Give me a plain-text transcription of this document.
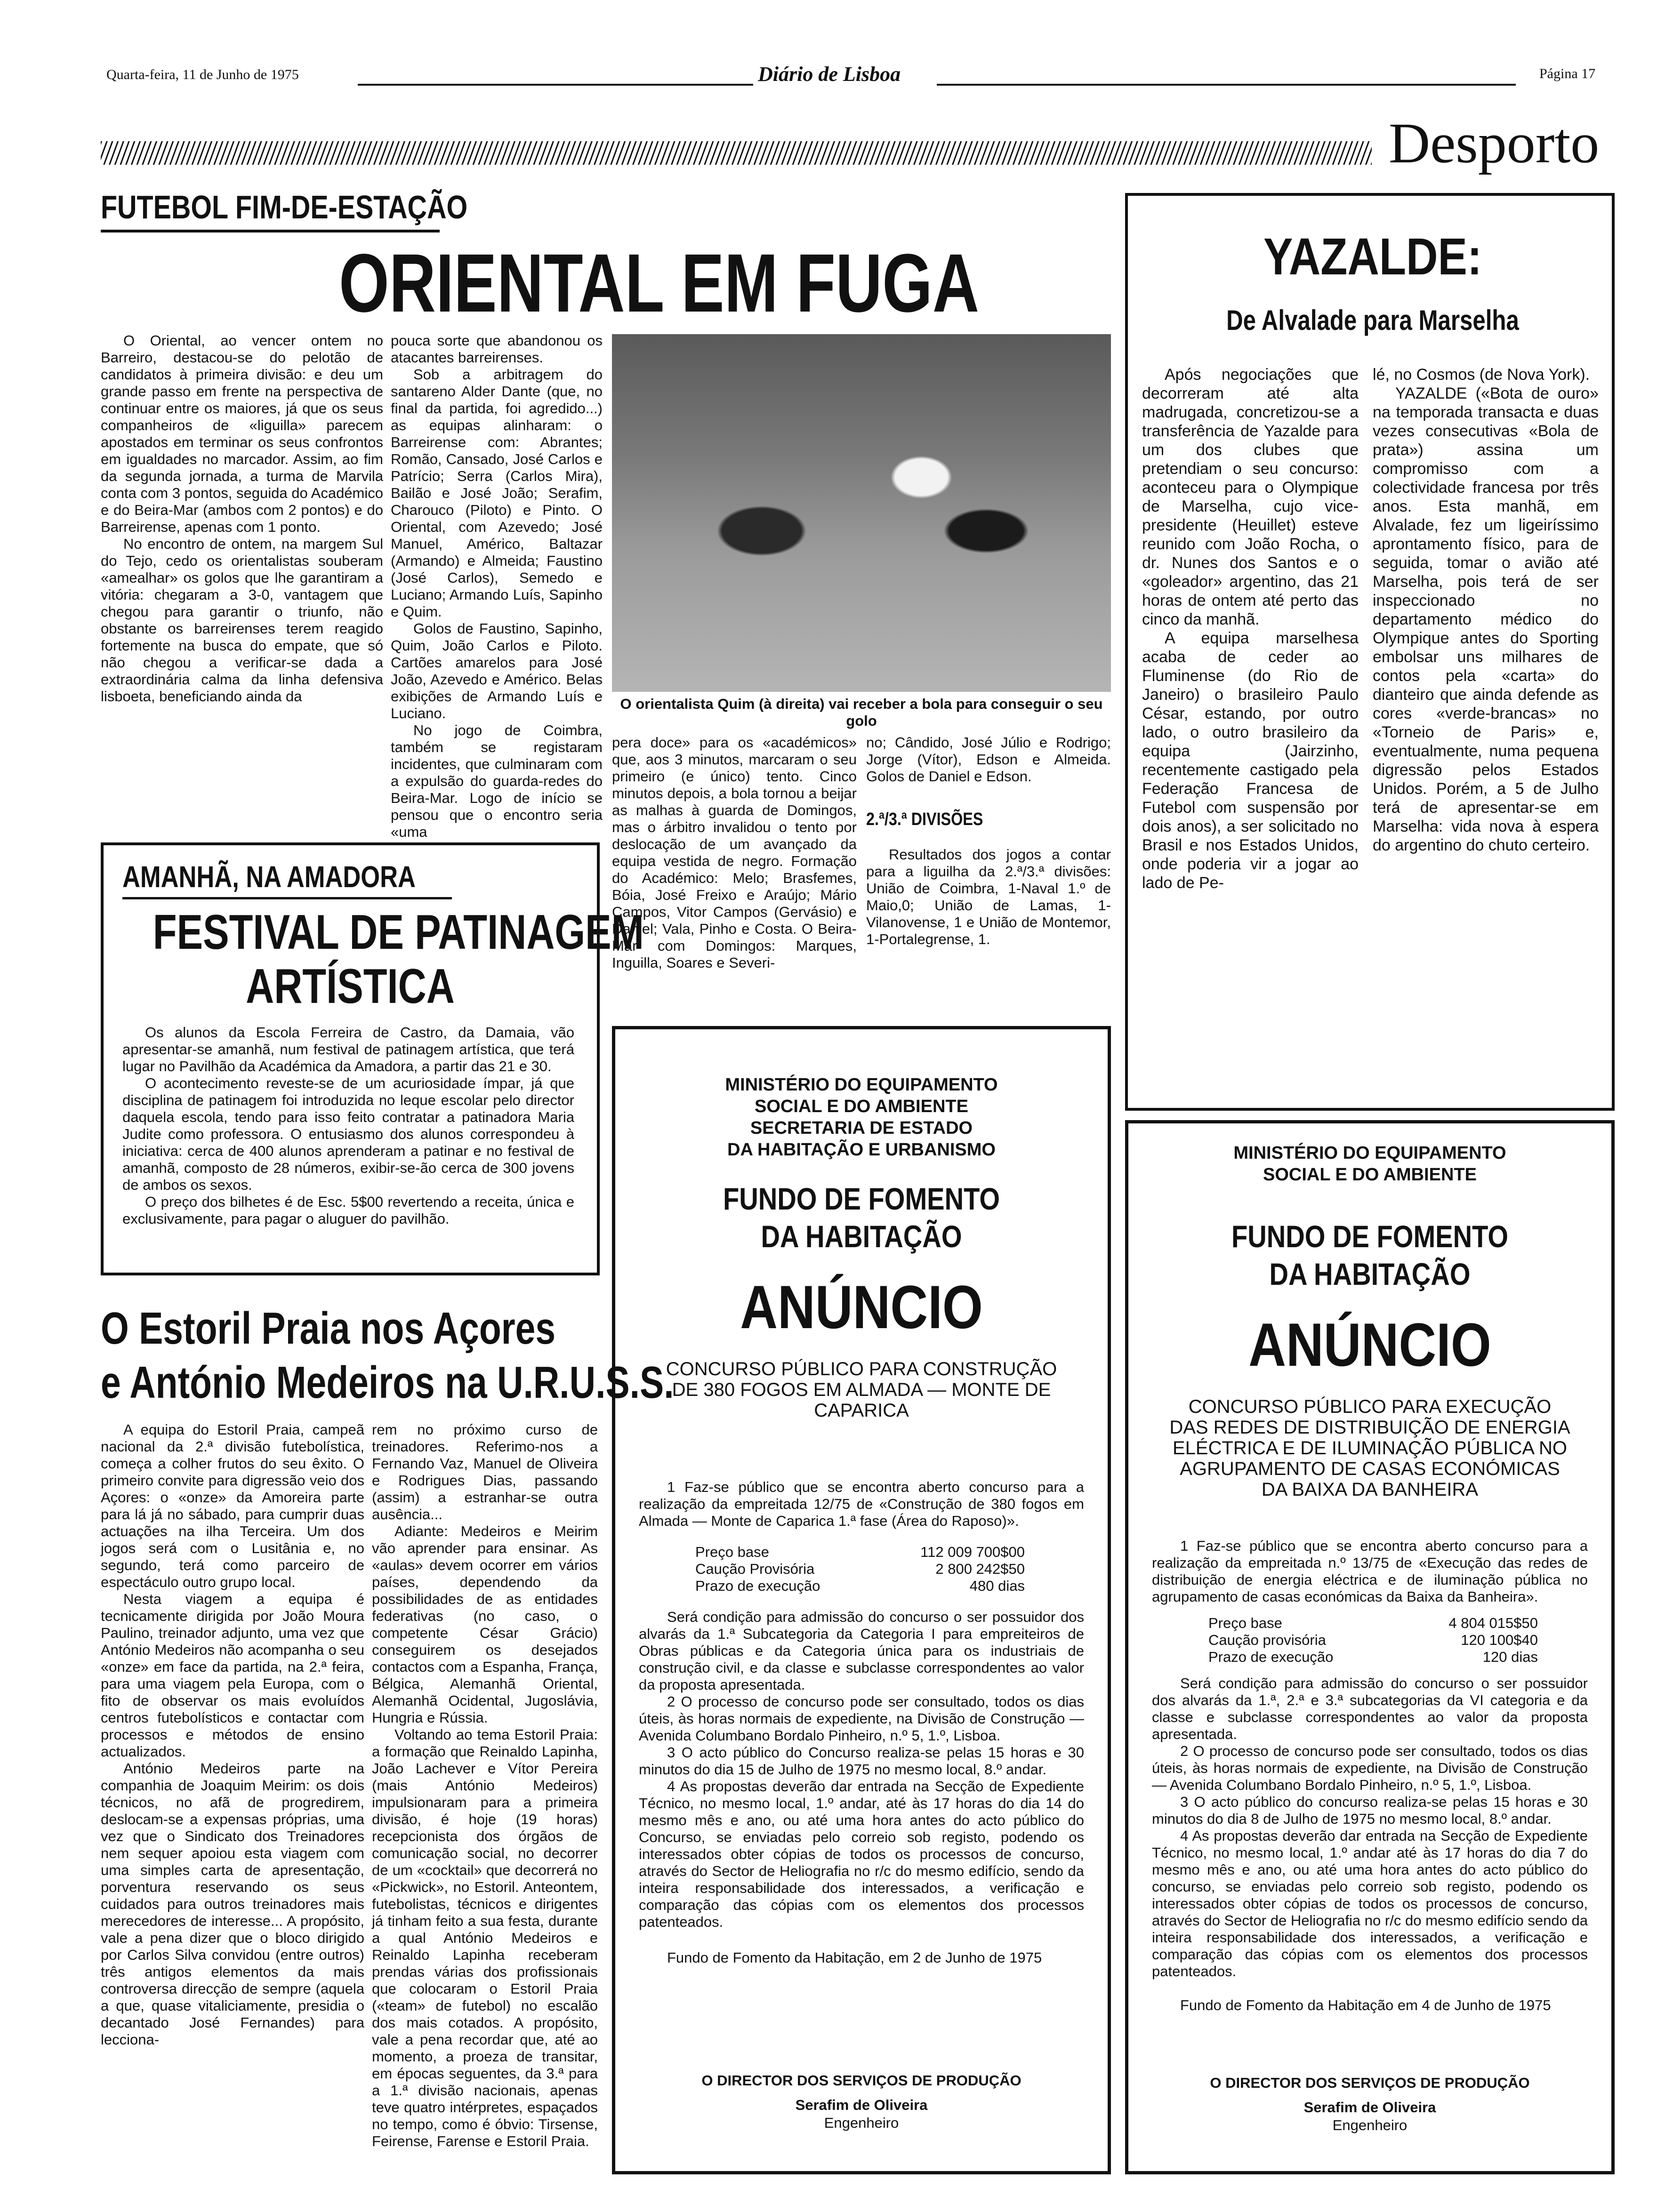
Quarta-feira, 11 de Junho de 1975	Diário de Lisboa	Página 17
Desporto
FUTEBOL FIM-DE-ESTAÇÃO
ORIENTAL EM FUGA

O Oriental, ao vencer ontem no Barreiro, destacou-se do pelotão de candidatos à primeira divisão: e deu um grande passo em frente na perspectiva de continuar entre os maiores, já que os seus companheiros de «liguilla» parecem apostados em terminar os seus confrontos em igualdades no marcador. Assim, ao fim da segunda jornada, a turma de Marvila conta com 3 pontos, seguida do Académico e do Beira-Mar (ambos com 2 pontos) e do Barreirense, apenas com 1 ponto.

No encontro de ontem, na margem Sul do Tejo, cedo os orientalistas souberam «amealhar» os golos que lhe garantiram a vitória: chegaram a 3-0, vantagem que chegou para garantir o triunfo, não obstante os barreirenses terem reagido fortemente na busca do empate, que só não chegou a verificar-se dada a extraordinária calma da linha defensiva lisboeta, beneficiando ainda da

pouca sorte que abandonou os atacantes barreirenses.

Sob a arbitragem do santareno Alder Dante (que, no final da partida, foi agredido...) as equipas alinharam: o Barreirense com: Abrantes; Romão, Cansado, José Carlos e Patrício; Serra (Carlos Mira), Bailão e José João; Serafim, Charouco (Piloto) e Pinto. O Oriental, com Azevedo; José Manuel, Américo, Baltazar (Armando) e Almeida; Faustino (José Carlos), Semedo e Luciano; Armando Luís, Sapinho e Quim.

Golos de Faustino, Sapinho, Quim, João Carlos e Piloto. Cartões amarelos para José João, Azevedo e Américo. Belas exibições de Armando Luís e Luciano.

No jogo de Coimbra, também se registaram incidentes, que culminaram com a expulsão do guarda-redes do Beira-Mar. Logo de início se pensou que o encontro seria «uma

O orientalista Quim (à direita) vai receber a bola para conseguir o seu golo

pera doce» para os «académicos» que, aos 3 minutos, marcaram o seu primeiro (e único) tento. Cinco minutos depois, a bola tornou a beijar as malhas à guarda de Domingos, mas o árbitro invalidou o tento por deslocação de um avançado da equipa vestida de negro. Formação do Académico: Melo; Brasfemes, Bóia, José Freixo e Araújo; Mário Campos, Vitor Campos (Gervásio) e Daniel; Vala, Pinho e Costa. O Beira-Mar com Domingos: Marques, Inguilla, Soares e Severi-

no; Cândido, José Júlio e Rodrigo; Jorge (Vítor), Edson e Almeida. Golos de Daniel e Edson.

2.ª/3.ª DIVISÕES

Resultados dos jogos a contar para a liguilha da 2.ª/3.ª divisões: União de Coimbra, 1-Naval 1.º de Maio,0; União de Lamas, 1-Vilanovense, 1 e União de Montemor, 1-Portalegrense, 1.

YAZALDE:
De Alvalade para Marselha

Após negociações que decorreram até alta madrugada, concretizou-se a transferência de Yazalde para um dos clubes que pretendiam o seu concurso: aconteceu para o Olympique de Marselha, cujo vice-presidente (Heuillet) esteve reunido com João Rocha, o dr. Nunes dos Santos e o «goleador» argentino, das 21 horas de ontem até perto das cinco da manhã.

A equipa marselhesa acaba de ceder ao Fluminense (do Rio de Janeiro) o brasileiro Paulo César, estando, por outro lado, o outro brasileiro da equipa (Jairzinho, recentemente castigado pela Federação Francesa de Futebol com suspensão por dois anos), a ser solicitado no Brasil e nos Estados Unidos, onde poderia vir a jogar ao lado de Pe-

lé, no Cosmos (de Nova York).

YAZALDE («Bota de ouro» na temporada transacta e duas vezes consecutivas «Bola de prata») assina um compromisso com a colectividade francesa por três anos. Esta manhã, em Alvalade, fez um ligeiríssimo aprontamento físico, para de seguida, tomar o avião até Marselha, pois terá de ser inspeccionado no departamento médico do Olympique antes do Sporting embolsar uns milhares de contos pela «carta» do dianteiro que ainda defende as cores «verde-brancas» no «Torneio de Paris» e, eventualmente, numa pequena digressão pelos Estados Unidos. Porém, a 5 de Julho terá de apresentar-se em Marselha: vida nova à espera do argentino do chuto certeiro.

AMANHÃ, NA AMADORA
FESTIVAL DE PATINAGEM
ARTÍSTICA

Os alunos da Escola Ferreira de Castro, da Damaia, vão apresentar-se amanhã, num festival de patinagem artística, que terá lugar no Pavilhão da Académica da Amadora, a partir das 21 e 30.

O acontecimento reveste-se de um acuriosidade ímpar, já que disciplina de patinagem foi introduzida no leque escolar pelo director daquela escola, tendo para isso feito contratar a patinadora Maria Judite como professora. O entusiasmo dos alunos correspondeu à iniciativa: cerca de 400 alunos aprenderam a patinar e no festival de amanhã, composto de 28 números, exibir-se-ão cerca de 300 jovens de ambos os sexos.

O preço dos bilhetes é de Esc. 5$00 revertendo a receita, única e exclusivamente, para pagar o aluguer do pavilhão.

O Estoril Praia nos Açores
e António Medeiros na U.R.U.S.S.

A equipa do Estoril Praia, campeã nacional da 2.ª divisão futebolística, começa a colher frutos do seu êxito. O primeiro convite para digressão veio dos Açores: o «onze» da Amoreira parte para lá já no sábado, para cumprir duas actuações na ilha Terceira. Um dos jogos será com o Lusitânia e, no segundo, terá como parceiro de espectáculo outro grupo local.

Nesta viagem a equipa é tecnicamente dirigida por João Moura Paulino, treinador adjunto, uma vez que António Medeiros não acompanha o seu «onze» em face da partida, na 2.ª feira, para uma viagem pela Europa, com o fito de observar os mais evoluídos centros futebolísticos e contactar com processos e métodos de ensino actualizados.

António Medeiros parte na companhia de Joaquim Meirim: os dois técnicos, no afã de progredirem, deslocam-se a expensas próprias, uma vez que o Sindicato dos Treinadores nem sequer apoiou esta viagem com uma simples carta de apresentação, porventura reservando os seus cuidados para outros treinadores mais merecedores de interesse... A propósito, vale a pena dizer que o bloco dirigido por Carlos Silva convidou (entre outros) três antigos elementos da mais controversa direcção de sempre (aquela a que, quase vitaliciamente, presidia o decantado José Fernandes) para lecciona-

rem no próximo curso de treinadores. Referimo-nos a Fernando Vaz, Manuel de Oliveira e Rodrigues Dias, passando (assim) a estranhar-se outra ausência...

Adiante: Medeiros e Meirim vão aprender para ensinar. As «aulas» devem ocorrer em vários países, dependendo da possibilidades de as entidades federativas (no caso, o competente César Grácio) conseguirem os desejados contactos com a Espanha, França, Bélgica, Alemanhã Oriental, Alemanhã Ocidental, Jugoslávia, Hungria e Rússia.

Voltando ao tema Estoril Praia: a formação que Reinaldo Lapinha, João Lachever e Vítor Pereira (mais António Medeiros) impulsionaram para a primeira divisão, é hoje (19 horas) recepcionista dos órgãos de comunicação social, no decorrer de um «cocktail» que decorrerá no «Pickwick», no Estoril. Anteontem, futebolistas, técnicos e dirigentes já tinham feito a sua festa, durante a qual António Medeiros e Reinaldo Lapinha receberam prendas várias dos profissionais que colocaram o Estoril Praia («team» de futebol) no escalão dos mais cotados. A propósito, vale a pena recordar que, até ao momento, a proeza de transitar, em épocas seguentes, da 3.ª para a 1.ª divisão nacionais, apenas teve quatro intérpretes, espaçados no tempo, como é óbvio: Tirsense, Feirense, Farense e Estoril Praia.

MINISTÉRIO DO EQUIPAMENTO
SOCIAL E DO AMBIENTE
SECRETARIA DE ESTADO
DA HABITAÇÃO E URBANISMO
FUNDO DE FOMENTO
DA HABITAÇÃO
ANÚNCIO
CONCURSO PÚBLICO PARA CONSTRUÇÃO
DE 380 FOGOS EM ALMADA — MONTE DE CAPARICA

1 Faz-se público que se encontra aberto concurso para a realização da empreitada 12/75 de «Construção de 380 fogos em Almada — Monte de Caparica 1.ª fase (Área do Raposo)».

Preço base	112 009 700$00
Caução Provisória	2 800 242$50
Prazo de execução	480 dias

Será condição para admissão do concurso o ser possuidor dos alvarás da 1.ª Subcategoria da Categoria I para empreiteiros de Obras públicas e da Categoria única para os industriais de construção civil, e da classe e subclasse correspondentes ao valor da proposta apresentada.

2 O processo de concurso pode ser consultado, todos os dias úteis, às horas normais de expediente, na Divisão de Construção — Avenida Columbano Bordalo Pinheiro, n.º 5, 1.º, Lisboa.

3 O acto público do Concurso realiza-se pelas 15 horas e 30 minutos do dia 15 de Julho de 1975 no mesmo local, 8.º andar.

4 As propostas deverão dar entrada na Secção de Expediente Técnico, no mesmo local, 1.º andar, até às 17 horas do dia 14 do mesmo mês e ano, ou até uma hora antes do acto público do Concurso, se enviadas pelo correio sob registo, podendo os interessados obter cópias de todos os processos de concurso, através do Sector de Heliografia no r/c do mesmo edifício, sendo da inteira responsabilidade dos interessados, a verificação e comparação das cópias com os elementos dos processos patenteados.

Fundo de Fomento da Habitação, em 2 de Junho de 1975

O DIRECTOR DOS SERVIÇOS DE PRODUÇÃO
Serafim de Oliveira
Engenheiro
MINISTÉRIO DO EQUIPAMENTO
SOCIAL E DO AMBIENTE
FUNDO DE FOMENTO
DA HABITAÇÃO
ANÚNCIO
CONCURSO PÚBLICO PARA EXECUÇÃO
DAS REDES DE DISTRIBUIÇÃO DE ENERGIA
ELÉCTRICA E DE ILUMINAÇÃO PÚBLICA NO
AGRUPAMENTO DE CASAS ECONÓMICAS
DA BAIXA DA BANHEIRA

1 Faz-se público que se encontra aberto concurso para a realização da empreitada n.º 13/75 de «Execução das redes de distribuição de energia eléctrica e de iluminação pública no agrupamento de casas económicas da Baixa da Banheira».

Preço base	4 804 015$50
Caução provisória	120 100$40
Prazo de execução	120 dias

Será condição para admissão do concurso o ser possuidor dos alvarás da 1.ª, 2.ª e 3.ª subcategorias da VI categoria e da classe e subclasse correspondentes ao valor da proposta apresentada.

2 O processo de concurso pode ser consultado, todos os dias úteis, às horas normais de expediente, na Divisão de Construção — Avenida Columbano Bordalo Pinheiro, n.º 5, 1.º, Lisboa.

3 O acto público do concurso realiza-se pelas 15 horas e 30 minutos do dia 8 de Julho de 1975 no mesmo local, 8.º andar.

4 As propostas deverão dar entrada na Secção de Expediente Técnico, no mesmo local, 1.º andar até às 17 horas do dia 7 do mesmo mês e ano, ou até uma hora antes do acto público do concurso, se enviadas pelo correio sob registo, podendo os interessados obter cópias de todos os processos de concurso, através do Sector de Heliografia no r/c do mesmo edifício sendo da inteira responsabilidade dos interessados, a verificação e comparação das cópias com os elementos dos processos patenteados.

Fundo de Fomento da Habitação em 4 de Junho de 1975

O DIRECTOR DOS SERVIÇOS DE PRODUÇÃO
Serafim de Oliveira
Engenheiro
